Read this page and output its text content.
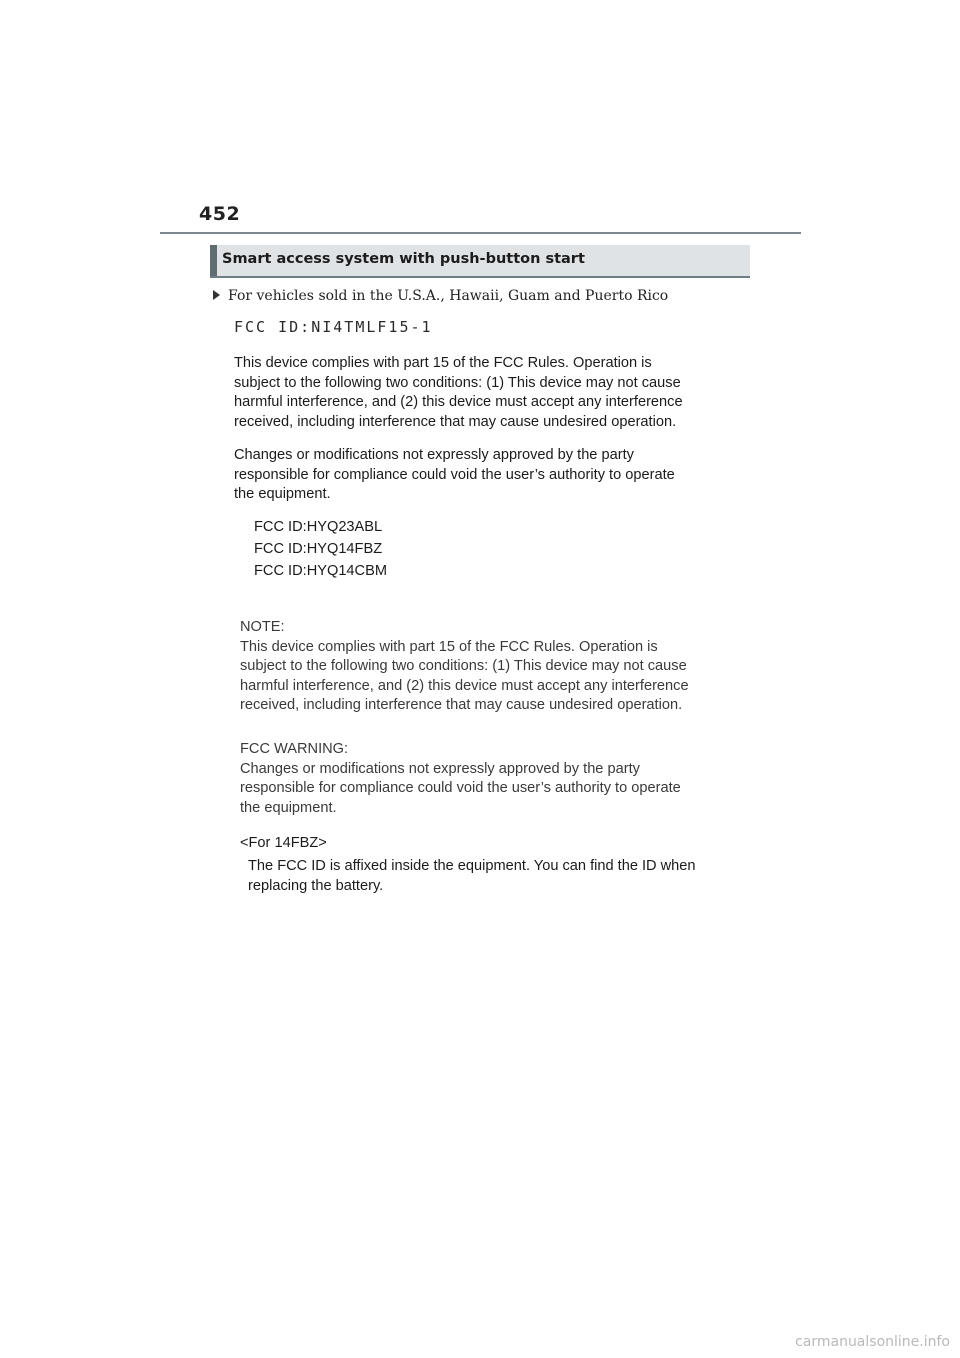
452
Smart access system with push-button start
For vehicles sold in the U.S.A., Hawaii, Guam and Puerto Rico
FCC ID:NI4TMLF15-1
This device complies with part 15 of the FCC Rules. Operation is
subject to the following two conditions: (1) This device may not cause
harmful interference, and (2) this device must accept any interference
received, including interference that may cause undesired operation.
Changes or modifications not expressly approved by the party
responsible for compliance could void the user’s authority to operate
the equipment.
FCC ID:HYQ23ABL
FCC ID:HYQ14FBZ
FCC ID:HYQ14CBM
NOTE:
This device complies with part 15 of the FCC Rules. Operation is
subject to the following two conditions: (1) This device may not cause
harmful interference, and (2) this device must accept any interference
received, including interference that may cause undesired operation.
FCC WARNING:
Changes or modifications not expressly approved by the party
responsible for compliance could void the user’s authority to operate
the equipment.
<For 14FBZ>
The FCC ID is affixed inside the equipment. You can find the ID when
replacing the battery.
carmanualsonline.info
